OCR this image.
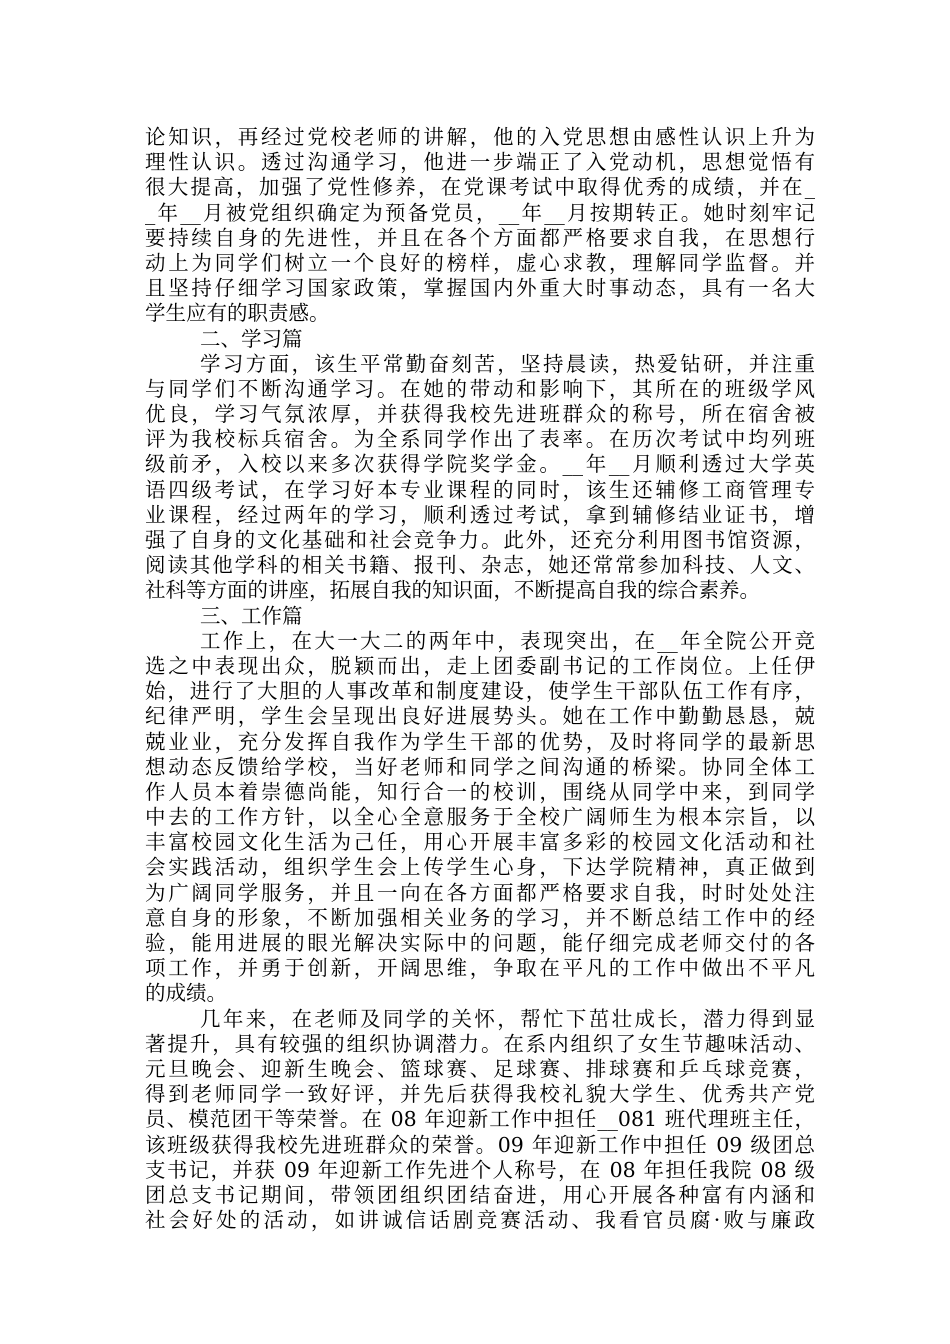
论知识，再经过党校老师的讲解，他的入党思想由感性认识上升为
理性认识。透过沟通学习，他进一步端正了入党动机，思想觉悟有
很大提高，加强了党性修养，在党课考试中取得优秀的成绩，并在_
_年__月被党组织确定为预备党员，__年__月按期转正。她时刻牢记
要持续自身的先进性，并且在各个方面都严格要求自我，在思想行
动上为同学们树立一个良好的榜样，虚心求教，理解同学监督。并
且坚持仔细学习国家政策，掌握国内外重大时事动态，具有一名大
学生应有的职责感。
二、学习篇
学习方面，该生平常勤奋刻苦，坚持晨读，热爱钻研，并注重
与同学们不断沟通学习。在她的带动和影响下，其所在的班级学风
优良，学习气氛浓厚，并获得我校先进班群众的称号，所在宿舍被
评为我校标兵宿舍。为全系同学作出了表率。在历次考试中均列班
级前矛，入校以来多次获得学院奖学金。__年__月顺利透过大学英
语四级考试，在学习好本专业课程的同时，该生还辅修工商管理专
业课程，经过两年的学习，顺利透过考试，拿到辅修结业证书，增
强了自身的文化基础和社会竞争力。此外，还充分利用图书馆资源，
阅读其他学科的相关书籍、报刊、杂志，她还常常参加科技、人文、
社科等方面的讲座，拓展自我的知识面，不断提高自我的综合素养。
三、工作篇
工作上，在大一大二的两年中，表现突出，在__年全院公开竞
选之中表现出众，脱颖而出，走上团委副书记的工作岗位。上任伊
始，进行了大胆的人事改革和制度建设，使学生干部队伍工作有序，
纪律严明，学生会呈现出良好进展势头。她在工作中勤勤恳恳，兢
兢业业，充分发挥自我作为学生干部的优势，及时将同学的最新思
想动态反馈给学校，当好老师和同学之间沟通的桥梁。协同全体工
作人员本着崇德尚能，知行合一的校训，围绕从同学中来，到同学
中去的工作方针，以全心全意服务于全校广阔师生为根本宗旨，以
丰富校园文化生活为己任，用心开展丰富多彩的校园文化活动和社
会实践活动，组织学生会上传学生心身，下达学院精神，真正做到
为广阔同学服务，并且一向在各方面都严格要求自我，时时处处注
意自身的形象，不断加强相关业务的学习，并不断总结工作中的经
验，能用进展的眼光解决实际中的问题，能仔细完成老师交付的各
项工作，并勇于创新，开阔思维，争取在平凡的工作中做出不平凡
的成绩。
几年来，在老师及同学的关怀，帮忙下茁壮成长，潜力得到显
著提升，具有较强的组织协调潜力。在系内组织了女生节趣味活动、
元旦晚会、迎新生晚会、篮球赛、足球赛、排球赛和乒乓球竞赛，
得到老师同学一致好评，并先后获得我校礼貌大学生、优秀共产党
员、模范团干等荣誉。在 08 年迎新工作中担任__081 班代理班主任，
该班级获得我校先进班群众的荣誉。09 年迎新工作中担任 09 级团总
支书记，并获 09 年迎新工作先进个人称号，在 08 年担任我院 08 级
团总支书记期间，带领团组织团结奋进，用心开展各种富有内涵和
社会好处的活动，如讲诚信话剧竞赛活动、我看官员腐·败与廉政
